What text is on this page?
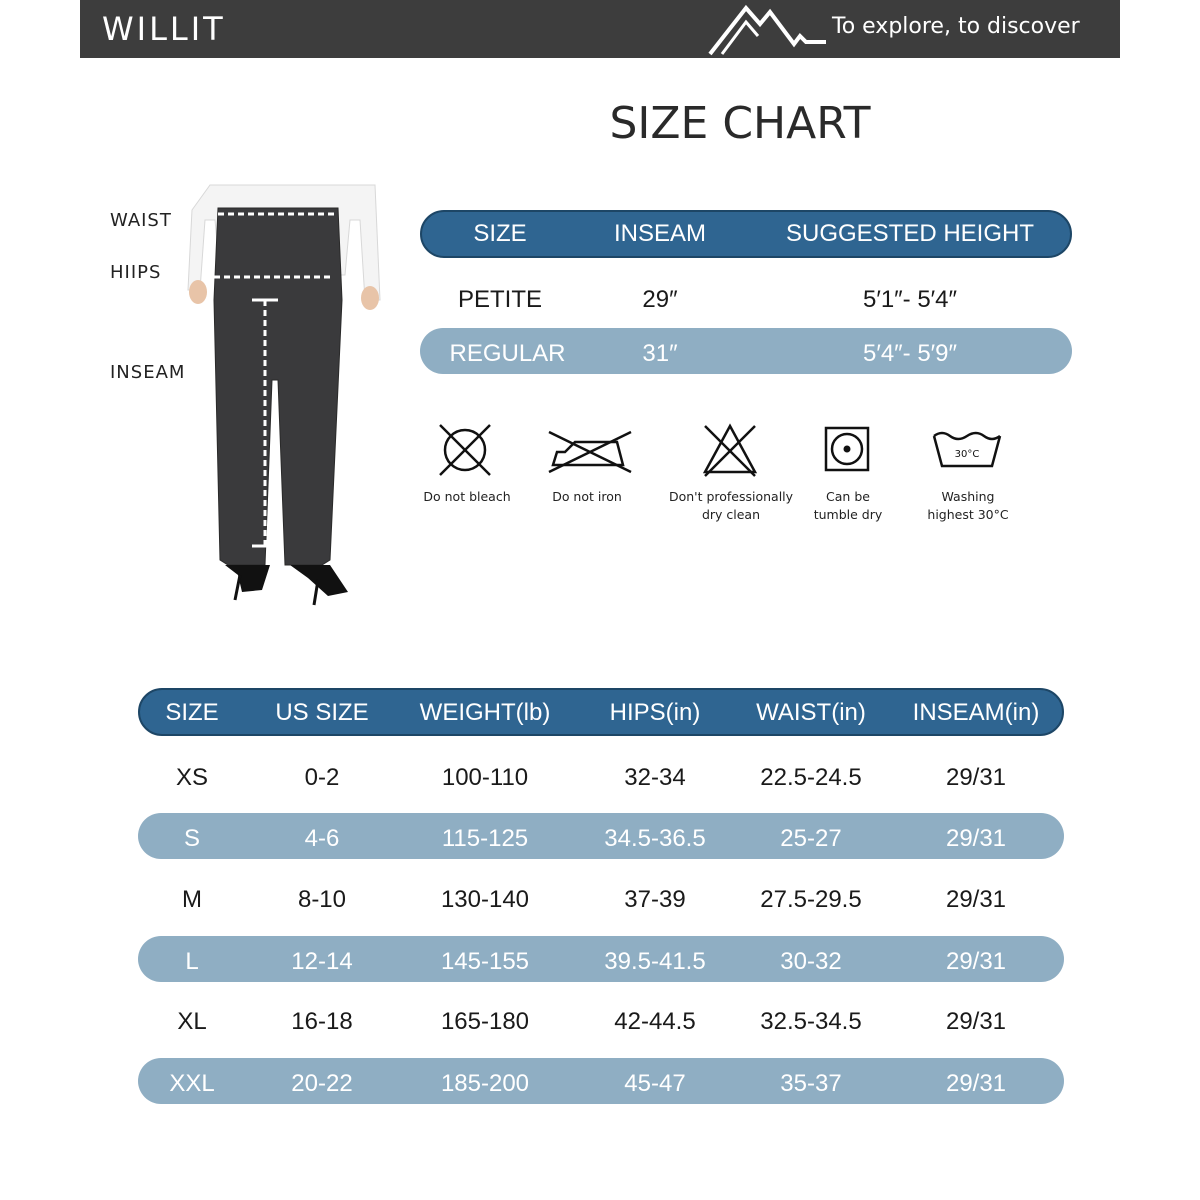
WILLIT	To explore, to discover
SIZE CHART
WAIST
HIIPS
INSEAM
SIZE	INSEAM	SUGGESTED HEIGHT
PETITE	29″	5′1″- 5′4″
REGULAR	31″	5′4″- 5′9″
Do not bleach	Do not iron	Don't professionally
dry clean
Can be
tumble dry
30°C
Washing
highest 30°C
SIZE	US SIZE	WEIGHT(lb)	HIPS(in)	WAIST(in)	INSEAM(in)
XS	0-2	100-110	32-34	22.5-24.5	29/31
S	4-6	115-125	34.5-36.5	25-27	29/31
M	8-10	130-140	37-39	27.5-29.5	29/31
L	12-14	145-155	39.5-41.5	30-32	29/31
XL	16-18	165-180	42-44.5	32.5-34.5	29/31
XXL	20-22	185-200	45-47	35-37	29/31
